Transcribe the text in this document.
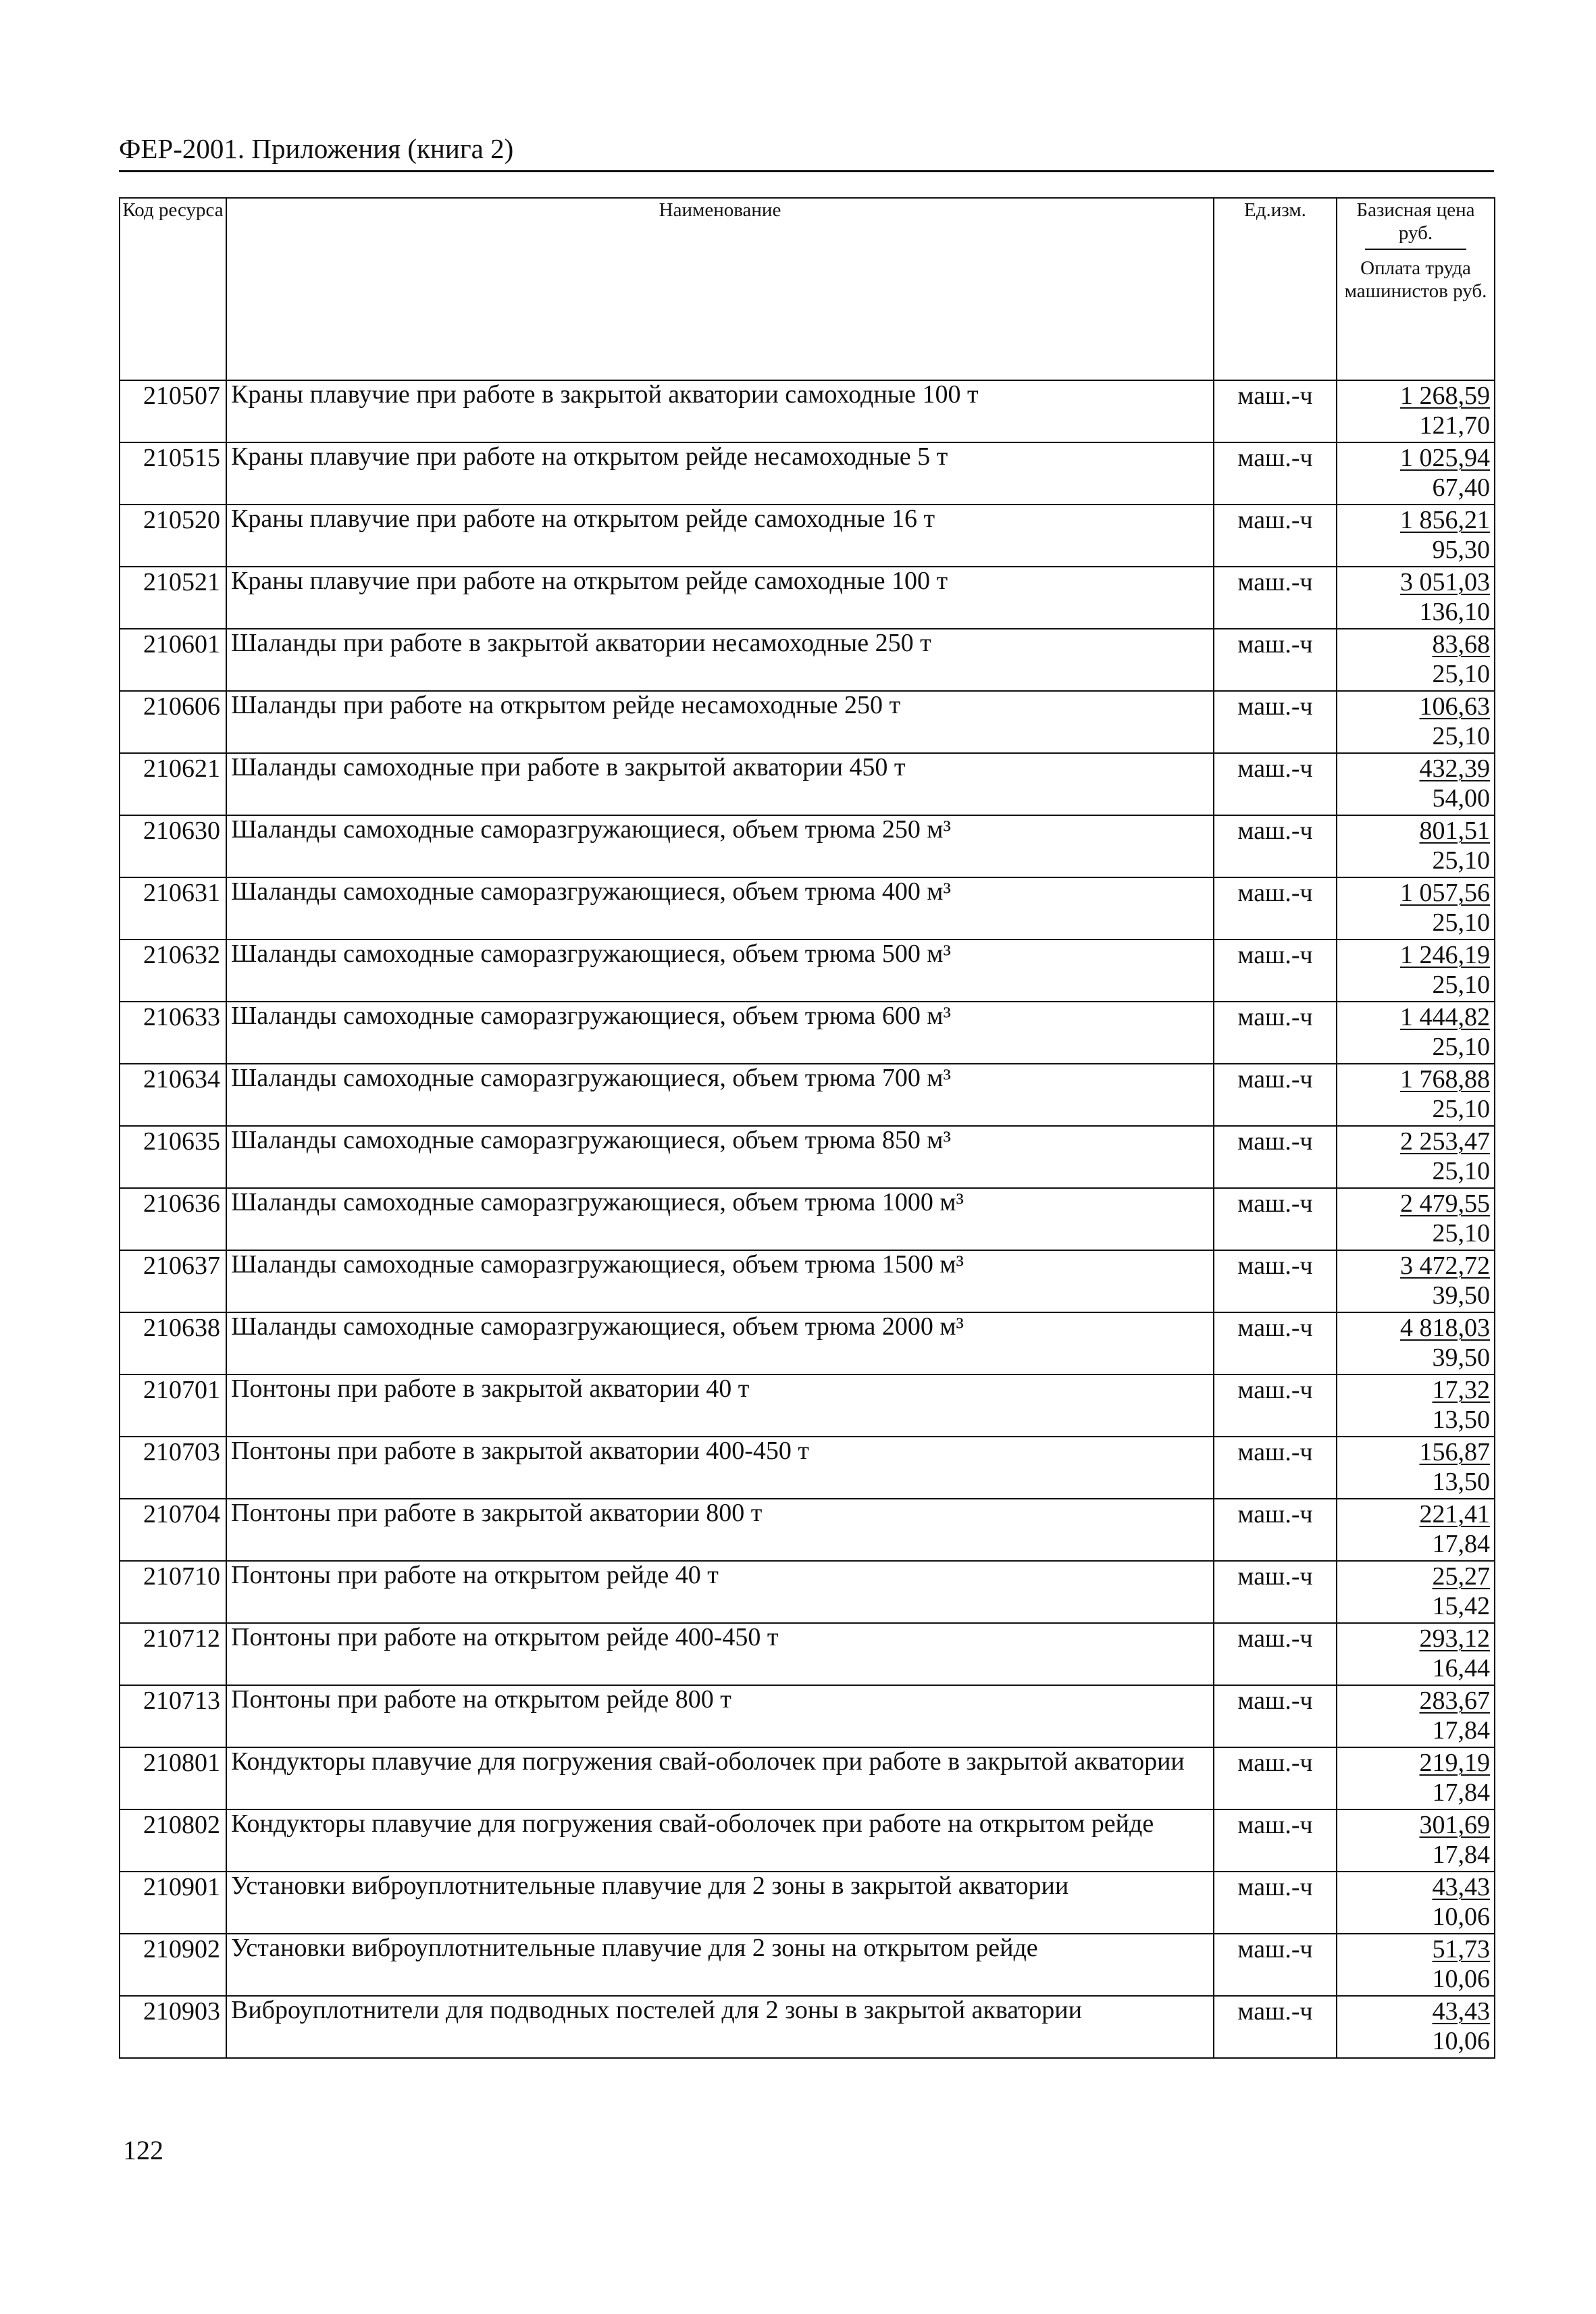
ФЕР-2001. Приложения (книга 2)
Код ресурса	Наименование	Ед.изм.	Базисная цена руб.
Оплата труда машинистов руб.

210507	Краны плавучие при работе в закрытой акватории самоходные 100 т	маш.-ч	1 268,59
121,70

210515	Краны плавучие при работе на открытом рейде несамоходные 5 т	маш.-ч	1 025,94
67,40

210520	Краны плавучие при работе на открытом рейде самоходные 16 т	маш.-ч	1 856,21
95,30

210521	Краны плавучие при работе на открытом рейде самоходные 100 т	маш.-ч	3 051,03
136,10

210601	Шаланды при работе в закрытой акватории несамоходные 250 т	маш.-ч	83,68
25,10

210606	Шаланды при работе на открытом рейде несамоходные 250 т	маш.-ч	106,63
25,10

210621	Шаланды самоходные при работе в закрытой акватории 450 т	маш.-ч	432,39
54,00

210630	Шаланды самоходные саморазгружающиеся, объем трюма 250 м³	маш.-ч	801,51
25,10

210631	Шаланды самоходные саморазгружающиеся, объем трюма 400 м³	маш.-ч	1 057,56
25,10

210632	Шаланды самоходные саморазгружающиеся, объем трюма 500 м³	маш.-ч	1 246,19
25,10

210633	Шаланды самоходные саморазгружающиеся, объем трюма 600 м³	маш.-ч	1 444,82
25,10

210634	Шаланды самоходные саморазгружающиеся, объем трюма 700 м³	маш.-ч	1 768,88
25,10

210635	Шаланды самоходные саморазгружающиеся, объем трюма 850 м³	маш.-ч	2 253,47
25,10

210636	Шаланды самоходные саморазгружающиеся, объем трюма 1000 м³	маш.-ч	2 479,55
25,10

210637	Шаланды самоходные саморазгружающиеся, объем трюма 1500 м³	маш.-ч	3 472,72
39,50

210638	Шаланды самоходные саморазгружающиеся, объем трюма 2000 м³	маш.-ч	4 818,03
39,50

210701	Понтоны при работе в закрытой акватории 40 т	маш.-ч	17,32
13,50

210703	Понтоны при работе в закрытой акватории 400-450 т	маш.-ч	156,87
13,50

210704	Понтоны при работе в закрытой акватории 800 т	маш.-ч	221,41
17,84

210710	Понтоны при работе на открытом рейде 40 т	маш.-ч	25,27
15,42

210712	Понтоны при работе на открытом рейде 400-450 т	маш.-ч	293,12
16,44

210713	Понтоны при работе на открытом рейде 800 т	маш.-ч	283,67
17,84

210801	Кондукторы плавучие для погружения свай-оболочек при работе в закрытой акватории	маш.-ч	219,19
17,84

210802	Кондукторы плавучие для погружения свай-оболочек при работе на открытом рейде	маш.-ч	301,69
17,84

210901	Установки виброуплотнительные плавучие для 2 зоны в закрытой акватории	маш.-ч	43,43
10,06

210902	Установки виброуплотнительные плавучие для 2 зоны на открытом рейде	маш.-ч	51,73
10,06

210903	Виброуплотнители для подводных постелей для 2 зоны в закрытой акватории	маш.-ч	43,43
10,06
122
